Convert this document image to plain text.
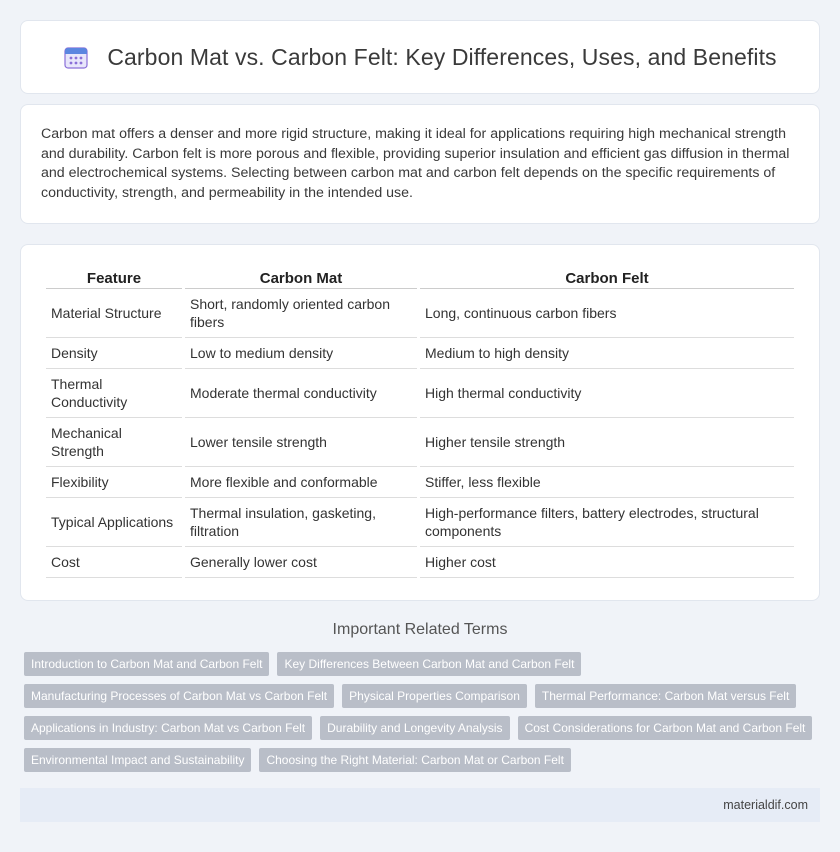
Carbon Mat vs. Carbon Felt: Key Differences, Uses, and Benefits

Carbon mat offers a denser and more rigid structure, making it ideal for applications requiring high mechanical strength and durability. Carbon felt is more porous and flexible, providing superior insulation and efficient gas diffusion in thermal and electrochemical systems. Selecting between carbon mat and carbon felt depends on the specific requirements of conductivity, strength, and permeability in the intended use.

Feature	Carbon Mat	Carbon Felt
Material Structure	Short, randomly oriented carbon fibers	Long, continuous carbon fibers
Density	Low to medium density	Medium to high density
Thermal Conductivity	Moderate thermal conductivity	High thermal conductivity
Mechanical Strength	Lower tensile strength	Higher tensile strength
Flexibility	More flexible and conformable	Stiffer, less flexible
Typical Applications	Thermal insulation, gasketing, filtration	High-performance filters, battery electrodes, structural components
Cost	Generally lower cost	Higher cost
Important Related Terms
Introduction to Carbon Mat and Carbon Felt	Key Differences Between Carbon Mat and Carbon Felt
Manufacturing Processes of Carbon Mat vs Carbon Felt	Physical Properties Comparison	Thermal Performance: Carbon Mat versus Felt
Applications in Industry: Carbon Mat vs Carbon Felt	Durability and Longevity Analysis	Cost Considerations for Carbon Mat and Carbon Felt
Environmental Impact and Sustainability	Choosing the Right Material: Carbon Mat or Carbon Felt
materialdif.com
